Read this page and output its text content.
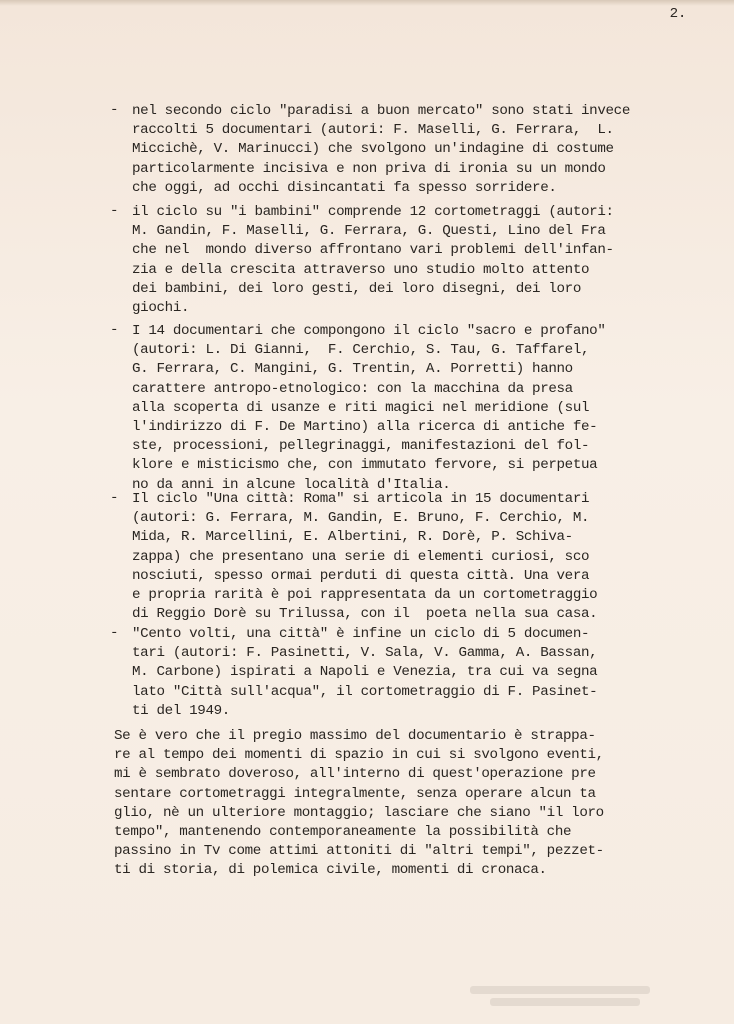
2.
- nel secondo ciclo "paradisi a buon mercato" sono stati invece
raccolti 5 documentari (autori: F. Maselli, G. Ferrara,  L.
Miccichè, V. Marinucci) che svolgono un'indagine di costume
particolarmente incisiva e non priva di ironia su un mondo
che oggi, ad occhi disincantati fa spesso sorridere.
- il ciclo su "i bambini" comprende 12 cortometraggi (autori:
M. Gandin, F. Maselli, G. Ferrara, G. Questi, Lino del Fra
che nel  mondo diverso affrontano vari problemi dell'infan-
zia e della crescita attraverso uno studio molto attento
dei bambini, dei loro gesti, dei loro disegni, dei loro
giochi.
- I 14 documentari che compongono il ciclo "sacro e profano"
(autori: L. Di Gianni,  F. Cerchio, S. Tau, G. Taffarel,
G. Ferrara, C. Mangini, G. Trentin, A. Porretti) hanno
carattere antropo-etnologico: con la macchina da presa
alla scoperta di usanze e riti magici nel meridione (sul
l'indirizzo di F. De Martino) alla ricerca di antiche fe-
ste, processioni, pellegrinaggi, manifestazioni del fol-
klore e misticismo che, con immutato fervore, si perpetua
no da anni in alcune località d'Italia.
- Il ciclo "Una città: Roma" si articola in 15 documentari
(autori: G. Ferrara, M. Gandin, E. Bruno, F. Cerchio, M.
Mida, R. Marcellini, E. Albertini, R. Dorè, P. Schiva-
zappa) che presentano una serie di elementi curiosi, sco
nosciuti, spesso ormai perduti di questa città. Una vera
e propria rarità è poi rappresentata da un cortometraggio
di Reggio Dorè su Trilussa, con il  poeta nella sua casa.
- "Cento volti, una città" è infine un ciclo di 5 documen-
tari (autori: F. Pasinetti, V. Sala, V. Gamma, A. Bassan,
M. Carbone) ispirati a Napoli e Venezia, tra cui va segna
lato "Città sull'acqua", il cortometraggio di F. Pasinet-
ti del 1949.
Se è vero che il pregio massimo del documentario è strappa-
re al tempo dei momenti di spazio in cui si svolgono eventi,
mi è sembrato doveroso, all'interno di quest'operazione pre
sentare cortometraggi integralmente, senza operare alcun ta
glio, nè un ulteriore montaggio; lasciare che siano "il loro
tempo", mantenendo contemporaneamente la possibilità che
passino in Tv come attimi attoniti di "altri tempi", pezzet-
ti di storia, di polemica civile, momenti di cronaca.
